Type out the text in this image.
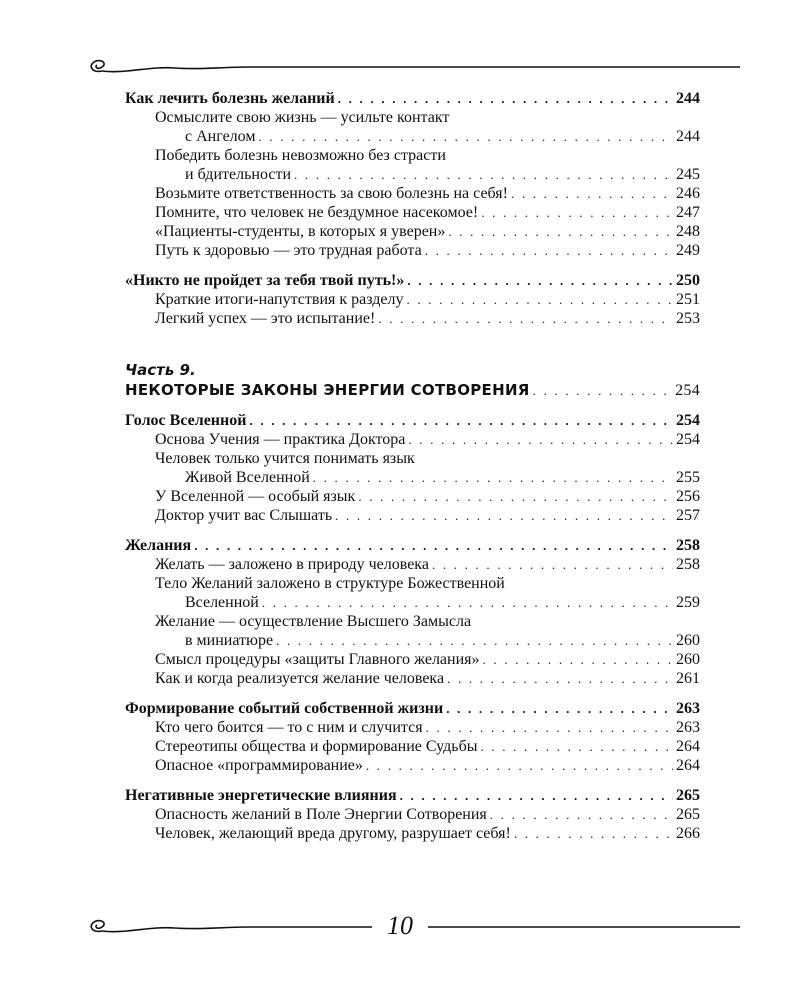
Как лечить болезнь желаний . . .	244
Осмыслите свою жизнь — усильте контакт
с Ангелом . . .	244
Победить болезнь невозможно без страсти
и бдительности . . .	245
Возьмите ответственность за свою болезнь на себя! . . .	246
Помните, что человек не бездумное насекомое! . . .	247
«Пациенты-студенты, в которых я уверен» . . .	248
Путь к здоровью — это трудная работа . . .	249
«Никто не пройдет за тебя твой путь!» . . .	250
Краткие итоги-напутствия к разделу . . .	251
Легкий успех — это испытание! . . .	253
Часть 9.
НЕКОТОРЫЕ ЗАКОНЫ ЭНЕРГИИ СОТВОРЕНИЯ . . .	254
Голос Вселенной . . .	254
Основа Учения — практика Доктора . . .	254
Человек только учится понимать язык
Живой Вселенной . . .	255
У Вселенной — особый язык . . .	256
Доктор учит вас Слышать . . .	257
Желания . . .	258
Желать — заложено в природу человека . . .	258
Тело Желаний заложено в структуре Божественной
Вселенной . . .	259
Желание — осуществление Высшего Замысла
в миниатюре . . .	260
Смысл процедуры «защиты Главного желания» . . .	260
Как и когда реализуется желание человека . . .	261
Формирование событий собственной жизни . . .	263
Кто чего боится — то с ним и случится . . .	263
Стереотипы общества и формирование Судьбы . . .	264
Опасное «программирование» . . .	264
Негативные энергетические влияния . . .	265
Опасность желаний в Поле Энергии Сотворения . . .	265
Человек, желающий вреда другому, разрушает себя! . . .	266
10
